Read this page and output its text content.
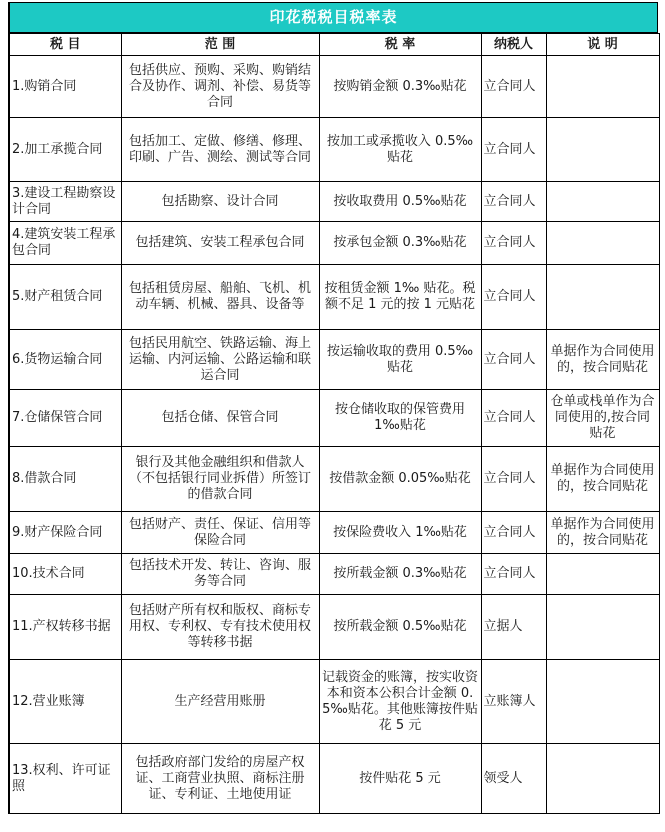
印花税税目税率表
税 目	范 围	税 率	纳税人	说 明
1.购销合同	包括供应、预购、采购、购销结合及协作、调剂、补偿、易货等合同	按购销金额 0.3‰贴花	立合同人	
2.加工承揽合同	包括加工、定做、修缮、修理、印刷、广告、测绘、测试等合同	按加工或承揽收入 0.5‰贴花	立合同人	
3.建设工程勘察设计合同	包括勘察、设计合同	按收取费用 0.5‰贴花	立合同人	
4.建筑安装工程承包合同	包括建筑、安装工程承包合同	按承包金额 0.3‰贴花	立合同人	
5.财产租赁合同	包括租赁房屋、船舶、飞机、机动车辆、机械、器具、设备等	按租赁金额 1‰ 贴花。税额不足 1 元的按 1 元贴花	立合同人	
6.货物运输合同	包括民用航空、铁路运输、海上运输、内河运输、公路运输和联运合同	按运输收取的费用 0.5‰贴花	立合同人	单据作为合同使用的，按合同贴花
7.仓储保管合同	包括仓储、保管合同	按仓储收取的保管费用 1‰贴花	立合同人	仓单或栈单作为合同使用的,按合同贴花
8.借款合同	银行及其他金融组织和借款人（不包括银行同业拆借）所签订的借款合同	按借款金额 0.05‰贴花	立合同人	单据作为合同使用的，按合同贴花
9.财产保险合同	包括财产、责任、保证、信用等保险合同	按保险费收入 1‰贴花	立合同人	单据作为合同使用的，按合同贴花
10.技术合同	包括技术开发、转让、咨询、服务等合同	按所载金额 0.3‰贴花	立合同人	
11.产权转移书据	包括财产所有权和版权、商标专用权、专利权、专有技术使用权等转移书据	按所载金额 0.5‰贴花	立据人	
12.营业账簿	生产经营用账册	记载资金的账簿，按实收资本和资本公积合计金额 0.5‰贴花。其他账簿按件贴花 5 元	立账簿人	
13.权利、许可证照	包括政府部门发给的房屋产权证、工商营业执照、商标注册证、专利证、土地使用证	按件贴花 5 元	领受人	
